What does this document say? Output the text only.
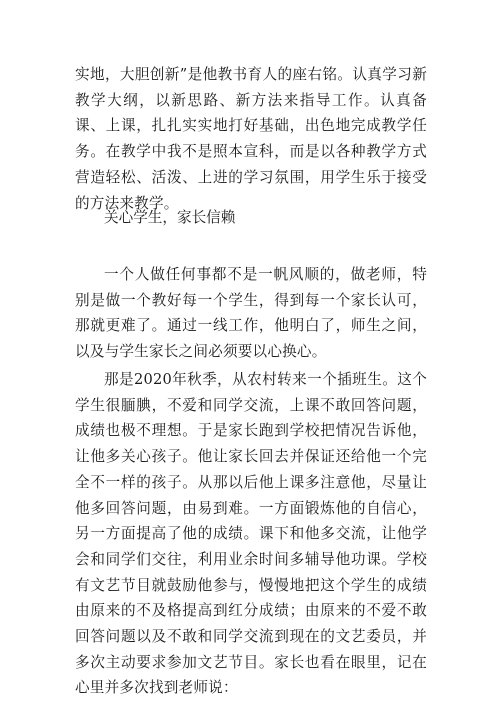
实地，大胆创新”是他教书育人的座右铭。认真学习新教学大纲，以新思路、新方法来指导工作。认真备课、上课，扎扎实实地打好基础，出色地完成教学任务。在教学中我不是照本宣科，而是以各种教学方式营造轻松、活泼、上进的学习氛围，用学生乐于接受的方法来教学。

关心学生，家长信赖

一个人做任何事都不是一帆风顺的，做老师，特别是做一个教好每一个学生，得到每一个家长认可，那就更难了。通过一线工作，他明白了，师生之间，以及与学生家长之间必须要以心换心。

那是2020年秋季，从农村转来一个插班生。这个学生很腼腆，不爱和同学交流，上课不敢回答问题，成绩也极不理想。于是家长跑到学校把情况告诉他，让他多关心孩子。他让家长回去并保证还给他一个完全不一样的孩子。从那以后他上课多注意他，尽量让他多回答问题，由易到难。一方面锻炼他的自信心，另一方面提高了他的成绩。课下和他多交流，让他学会和同学们交往，利用业余时间多辅导他功课。学校有文艺节目就鼓励他参与，慢慢地把这个学生的成绩由原来的不及格提高到红分成绩；由原来的不爱不敢回答问题以及不敢和同学交流到现在的文艺委员，并多次主动要求参加文艺节目。家长也看在眼里，记在心里并多次找到老师说：
